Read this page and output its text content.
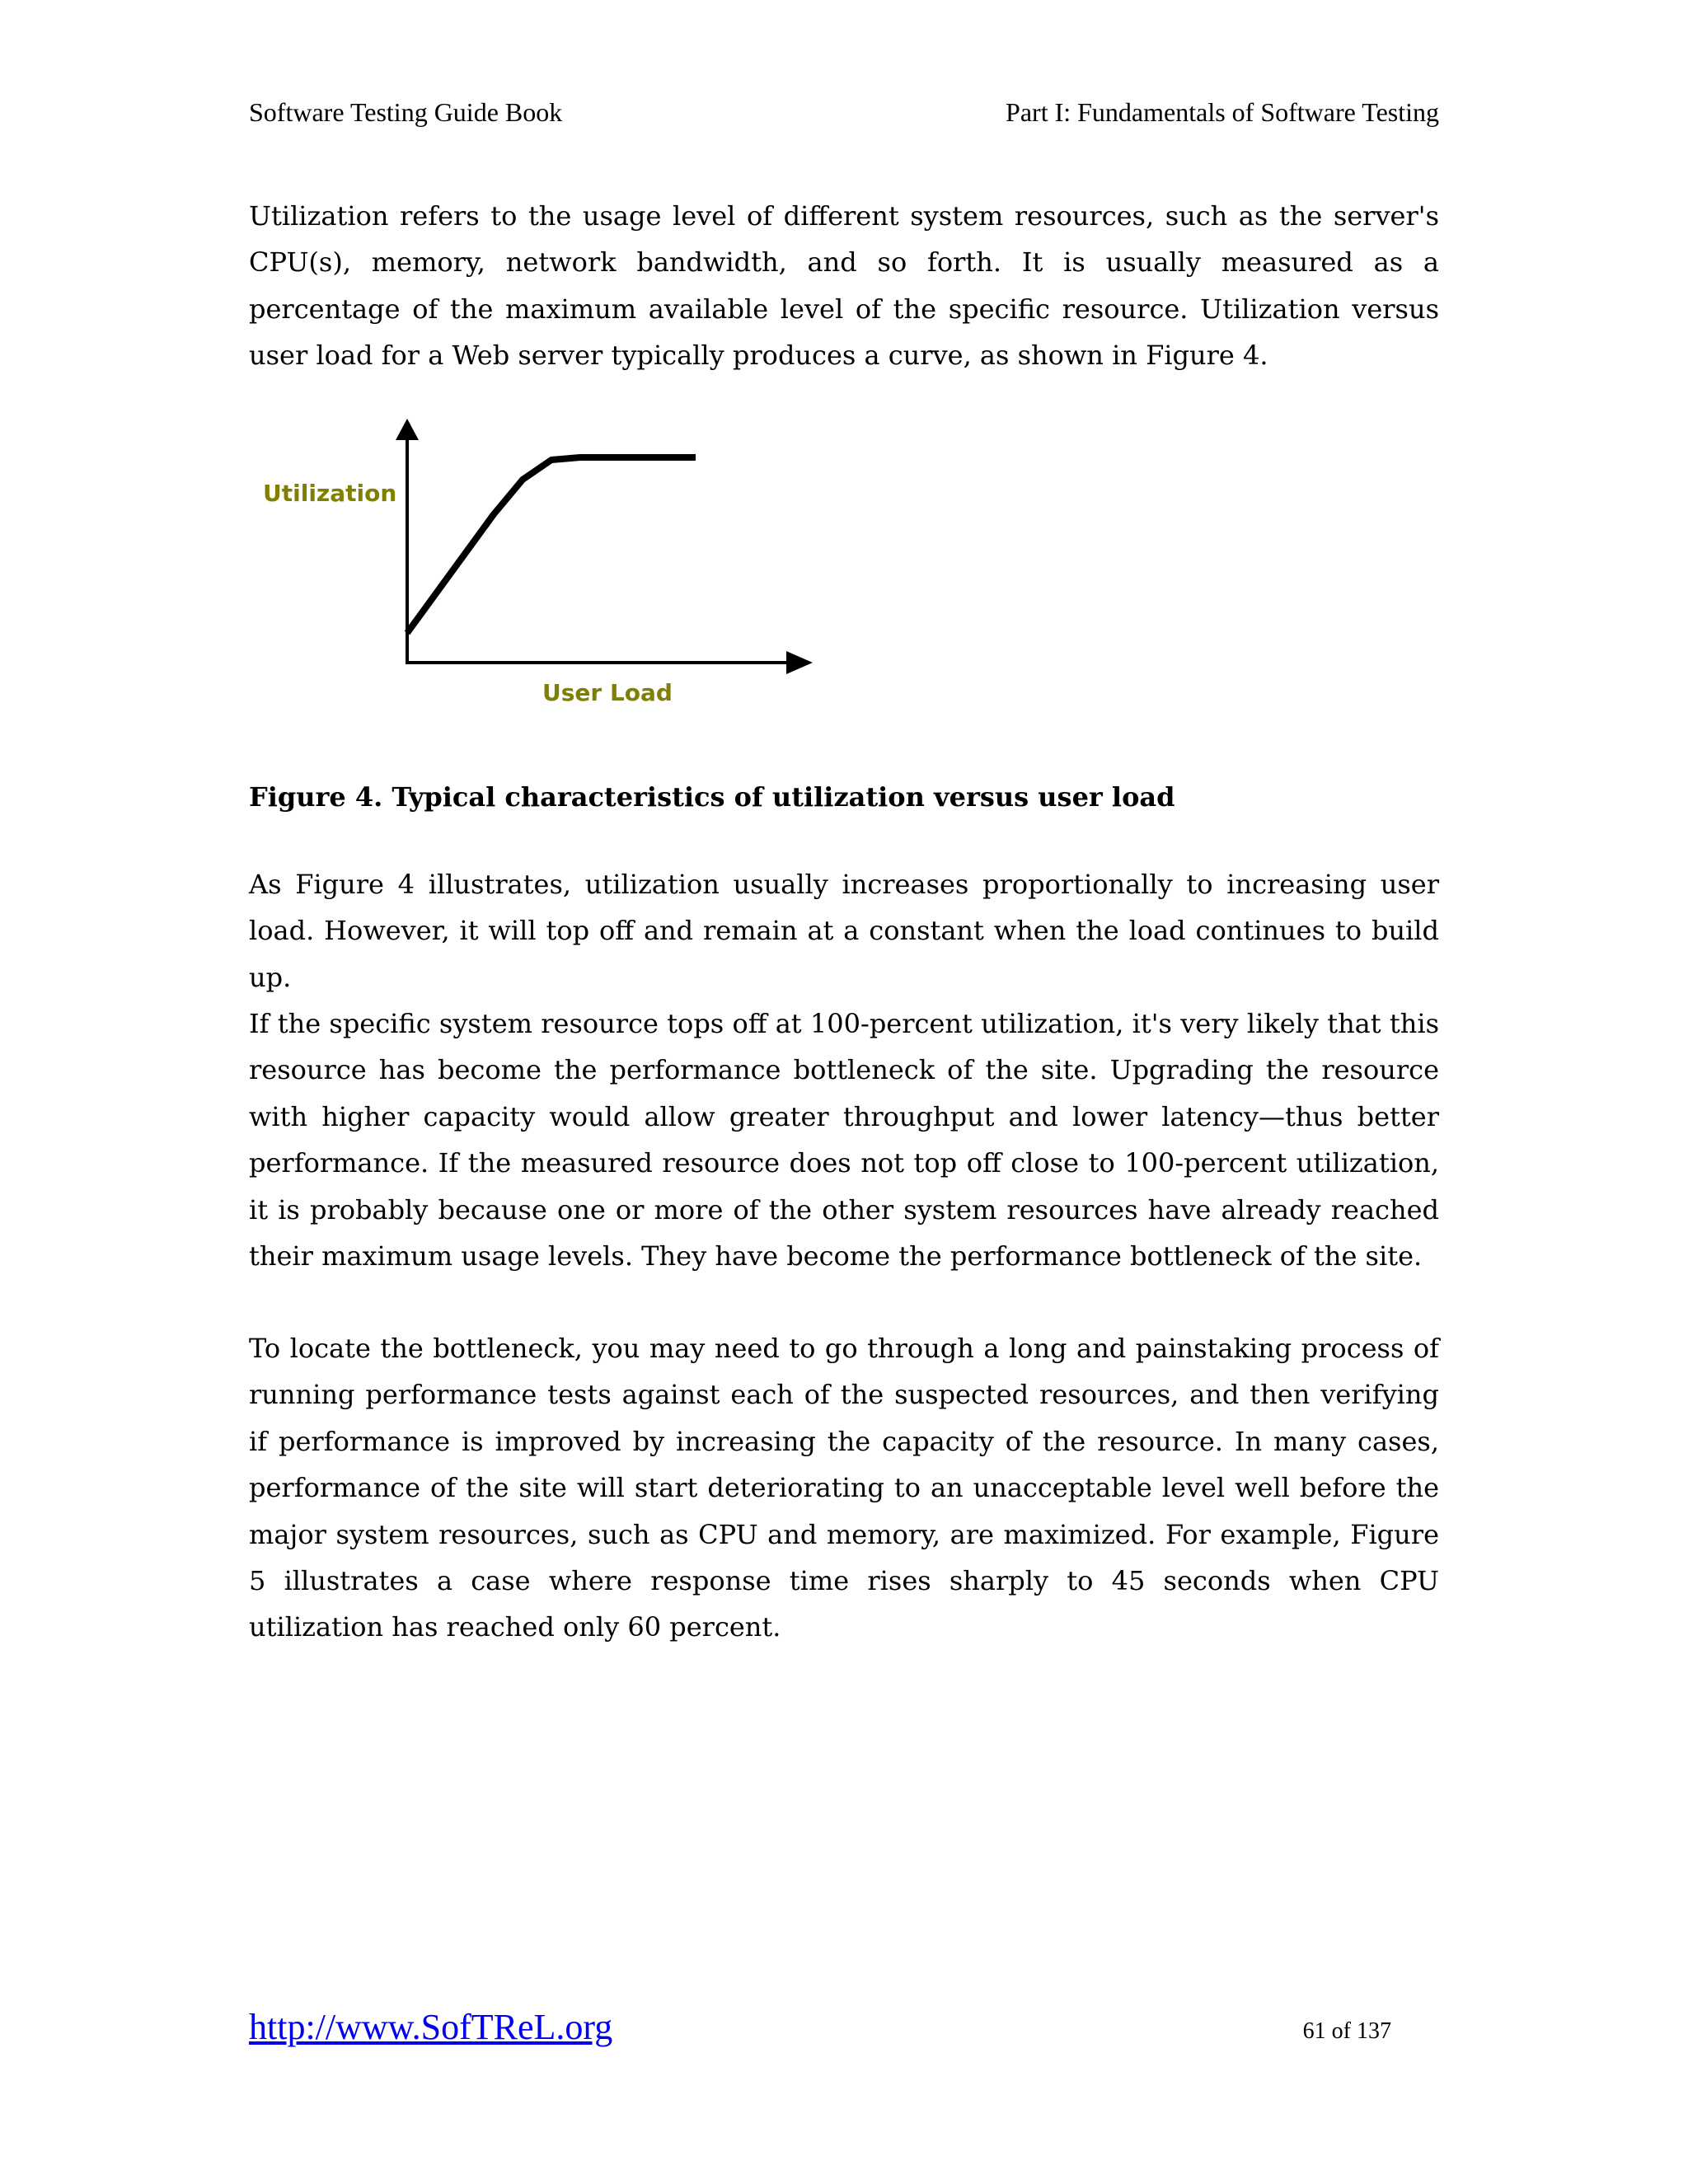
Software Testing Guide Book	Part I: Fundamentals of Software Testing

Utilization refers to the usage level of different system resources, such as the server's CPU(s), memory, network bandwidth, and so forth. It is usually measured as a percentage of the maximum available level of the specific resource. Utilization versus user load for a Web server typically produces a curve, as shown in Figure 4.

Utilization
User Load

Figure 4. Typical characteristics of utilization versus user load

As Figure 4 illustrates, utilization usually increases proportionally to increasing user load. However, it will top off and remain at a constant when the load continues to build up.

If the specific system resource tops off at 100-percent utilization, it's very likely that this resource has become the performance bottleneck of the site. Upgrading the resource with higher capacity would allow greater throughput and lower latency—thus better performance. If the measured resource does not top off close to 100-percent utilization, it is probably because one or more of the other system resources have already reached their maximum usage levels. They have become the performance bottleneck of the site.

To locate the bottleneck, you may need to go through a long and painstaking process of running performance tests against each of the suspected resources, and then verifying if performance is improved by increasing the capacity of the resource. In many cases, performance of the site will start deteriorating to an unacceptable level well before the major system resources, such as CPU and memory, are maximized. For example, Figure 5 illustrates a case where response time rises sharply to 45 seconds when CPU utilization has reached only 60 percent.

http://www.SofTReL.org	61 of 137
